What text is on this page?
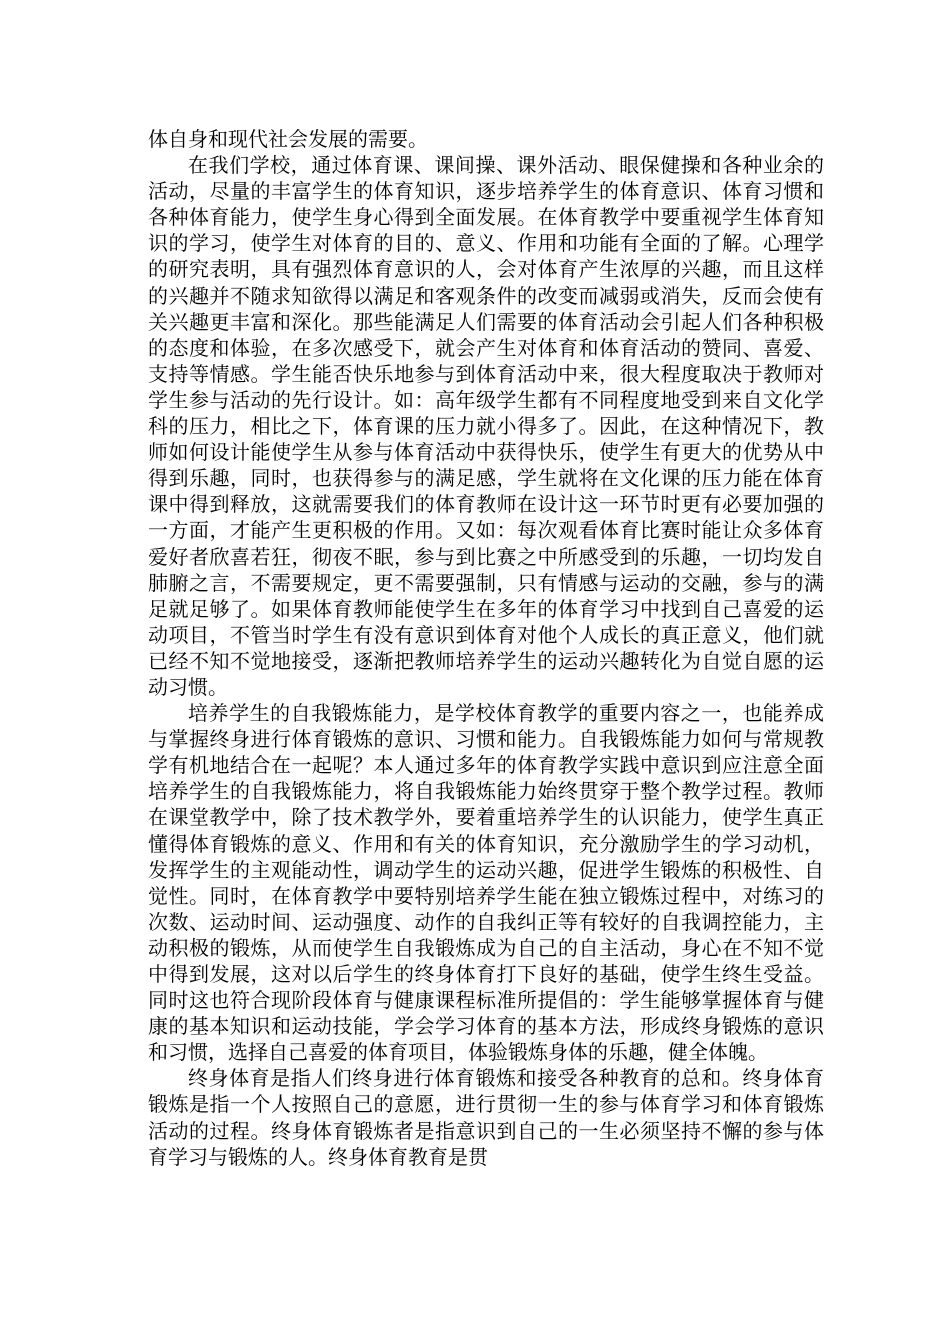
体自身和现代社会发展的需要。

在我们学校，通过体育课、课间操、课外活动、眼保健操和各种业余的活动，尽量的丰富学生的体育知识，逐步培养学生的体育意识、体育习惯和各种体育能力，使学生身心得到全面发展。在体育教学中要重视学生体育知识的学习，使学生对体育的目的、意义、作用和功能有全面的了解。心理学的研究表明，具有强烈体育意识的人，会对体育产生浓厚的兴趣，而且这样的兴趣并不随求知欲得以满足和客观条件的改变而减弱或消失，反而会使有关兴趣更丰富和深化。那些能满足人们需要的体育活动会引起人们各种积极的态度和体验，在多次感受下，就会产生对体育和体育活动的赞同、喜爱、支持等情感。学生能否快乐地参与到体育活动中来，很大程度取决于教师对学生参与活动的先行设计。如：高年级学生都有不同程度地受到来自文化学科的压力，相比之下，体育课的压力就小得多了。因此，在这种情况下，教师如何设计能使学生从参与体育活动中获得快乐，使学生有更大的优势从中得到乐趣，同时，也获得参与的满足感，学生就将在文化课的压力能在体育课中得到释放，这就需要我们的体育教师在设计这一环节时更有必要加强的一方面，才能产生更积极的作用。又如：每次观看体育比赛时能让众多体育爱好者欣喜若狂，彻夜不眠，参与到比赛之中所感受到的乐趣，一切均发自肺腑之言，不需要规定，更不需要强制，只有情感与运动的交融，参与的满足就足够了。如果体育教师能使学生在多年的体育学习中找到自己喜爱的运动项目，不管当时学生有没有意识到体育对他个人成长的真正意义，他们就已经不知不觉地接受，逐渐把教师培养学生的运动兴趣转化为自觉自愿的运动习惯。

培养学生的自我锻炼能力，是学校体育教学的重要内容之一，也能养成与掌握终身进行体育锻炼的意识、习惯和能力。自我锻炼能力如何与常规教学有机地结合在一起呢？本人通过多年的体育教学实践中意识到应注意全面培养学生的自我锻炼能力，将自我锻炼能力始终贯穿于整个教学过程。教师在课堂教学中，除了技术教学外，要着重培养学生的认识能力，使学生真正懂得体育锻炼的意义、作用和有关的体育知识，充分激励学生的学习动机，发挥学生的主观能动性，调动学生的运动兴趣，促进学生锻炼的积极性、自觉性。同时，在体育教学中要特别培养学生能在独立锻炼过程中，对练习的次数、运动时间、运动强度、动作的自我纠正等有较好的自我调控能力，主动积极的锻炼，从而使学生自我锻炼成为自己的自主活动，身心在不知不觉中得到发展，这对以后学生的终身体育打下良好的基础，使学生终生受益。同时这也符合现阶段体育与健康课程标准所提倡的：学生能够掌握体育与健康的基本知识和运动技能，学会学习体育的基本方法，形成终身锻炼的意识和习惯，选择自己喜爱的体育项目，体验锻炼身体的乐趣，健全体魄。

终身体育是指人们终身进行体育锻炼和接受各种教育的总和。终身体育锻炼是指一个人按照自己的意愿，进行贯彻一生的参与体育学习和体育锻炼活动的过程。终身体育锻炼者是指意识到自己的一生必须坚持不懈的参与体育学习与锻炼的人。终身体育教育是贯
